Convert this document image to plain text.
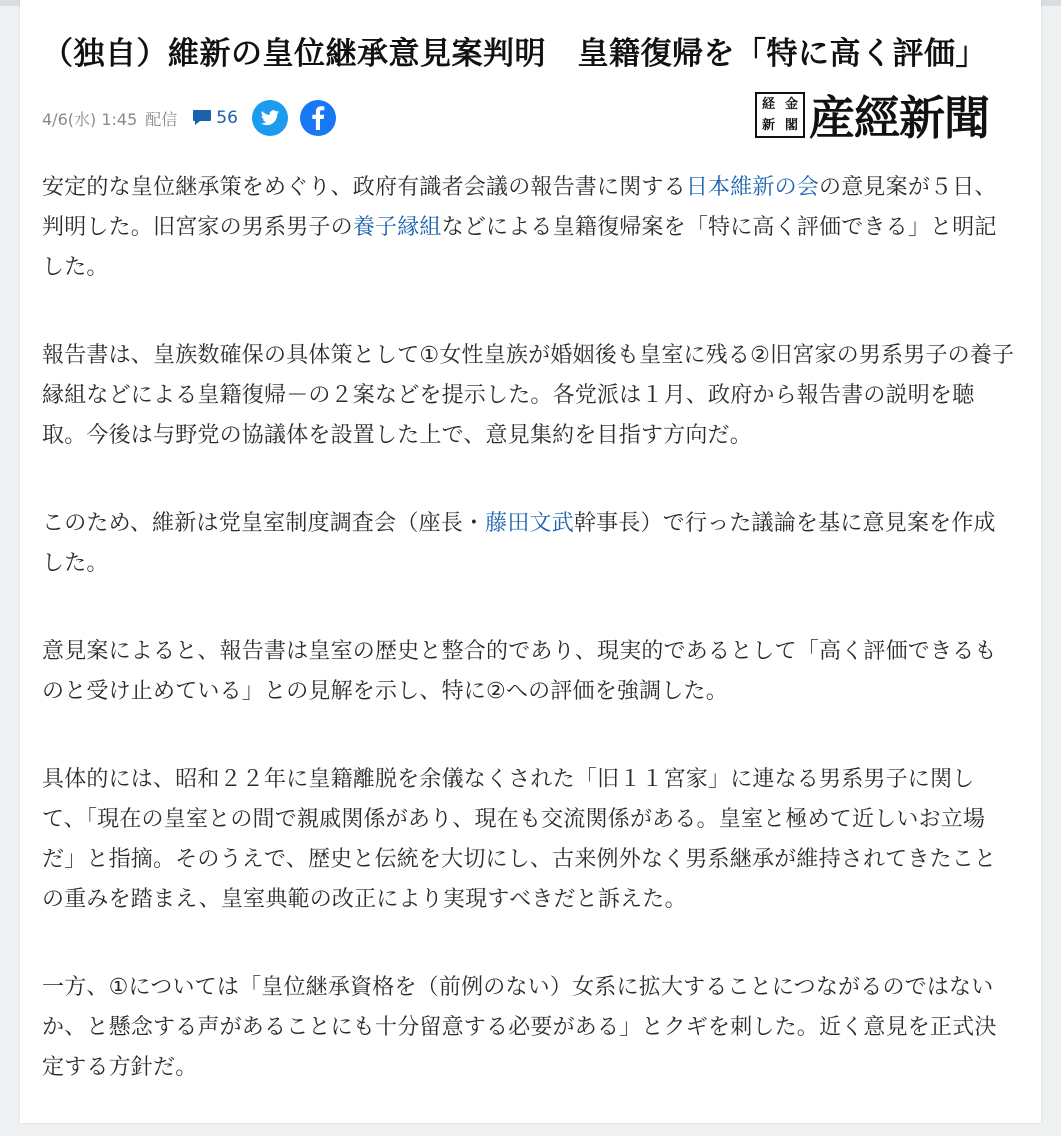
（独自）維新の皇位継承意見案判明　皇籍復帰を「特に高く評価」
4/6(水) 1:45 配信 56
経 金
新 閣 産經新聞

安定的な皇位継承策をめぐり、政府有識者会議の報告書に関する日本維新の会の意見案が５日、判明した。旧宮家の男系男子の養子縁組などによる皇籍復帰案を「特に高く評価できる」と明記した。

報告書は、皇族数確保の具体策として①女性皇族が婚姻後も皇室に残る②旧宮家の男系男子の養子縁組などによる皇籍復帰－の２案などを提示した。各党派は１月、政府から報告書の説明を聴取。今後は与野党の協議体を設置した上で、意見集約を目指す方向だ。

このため、維新は党皇室制度調査会（座長・藤田文武幹事長）で行った議論を基に意見案を作成した。

意見案によると、報告書は皇室の歴史と整合的であり、現実的であるとして「高く評価できるものと受け止めている」との見解を示し、特に②への評価を強調した。

具体的には、昭和２２年に皇籍離脱を余儀なくされた「旧１１宮家」に連なる男系男子に関して、「現在の皇室との間で親戚関係があり、現在も交流関係がある。皇室と極めて近しいお立場だ」と指摘。そのうえで、歴史と伝統を大切にし、古来例外なく男系継承が維持されてきたことの重みを踏まえ、皇室典範の改正により実現すべきだと訴えた。

一方、①については「皇位継承資格を（前例のない）女系に拡大することにつながるのではないか、と懸念する声があることにも十分留意する必要がある」とクギを刺した。近く意見を正式決定する方針だ。
